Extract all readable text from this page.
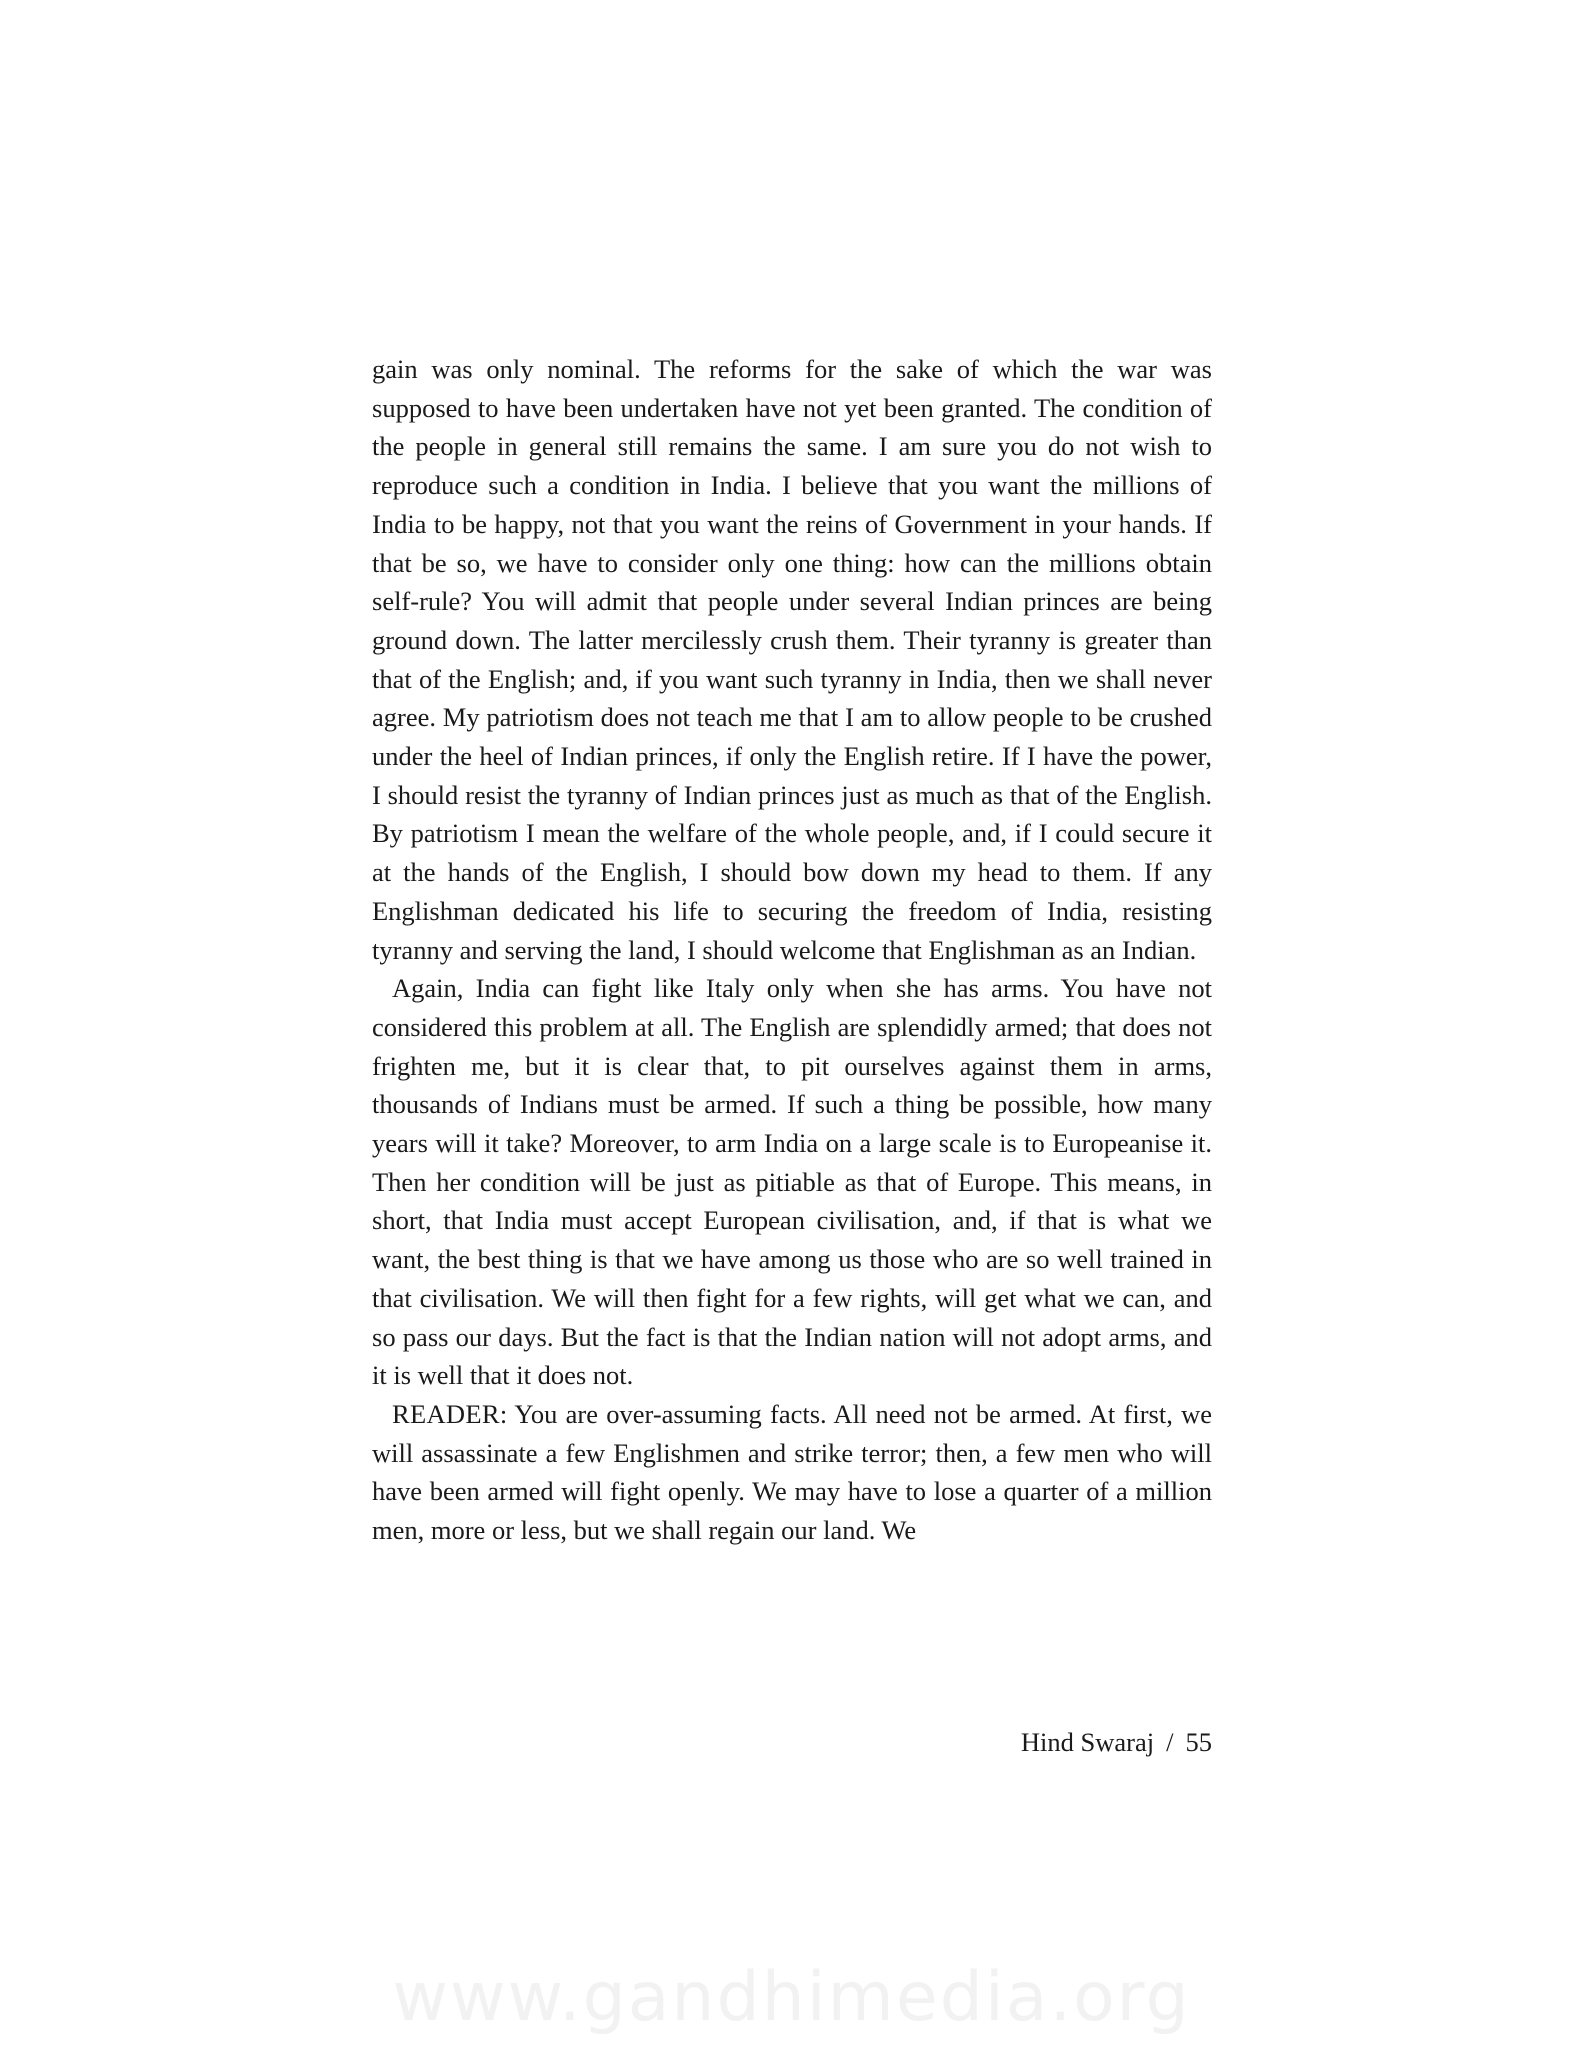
gain was only nominal. The reforms for the sake of which the war was supposed to have been undertaken have not yet been granted. The condition of the people in general still remains the same. I am sure you do not wish to reproduce such a condition in India. I believe that you want the millions of India to be happy, not that you want the reins of Government in your hands. If that be so, we have to consider only one thing: how can the millions obtain self-rule? You will admit that people under several Indian princes are being ground down. The latter mercilessly crush them. Their tyranny is greater than that of the English; and, if you want such tyranny in India, then we shall never agree. My patriotism does not teach me that I am to allow people to be crushed under the heel of Indian princes, if only the English retire. If I have the power, I should resist the tyranny of Indian princes just as much as that of the English. By patriotism I mean the welfare of the whole people, and, if I could secure it at the hands of the English, I should bow down my head to them. If any Englishman dedicated his life to securing the freedom of India, resisting tyranny and serving the land, I should welcome that Englishman as an Indian.

Again, India can fight like Italy only when she has arms. You have not considered this problem at all. The English are splendidly armed; that does not frighten me, but it is clear that, to pit ourselves against them in arms, thousands of Indians must be armed. If such a thing be possible, how many years will it take? Moreover, to arm India on a large scale is to Europeanise it. Then her condition will be just as pitiable as that of Europe. This means, in short, that India must accept European civilisation, and, if that is what we want, the best thing is that we have among us those who are so well trained in that civilisation. We will then fight for a few rights, will get what we can, and so pass our days. But the fact is that the Indian nation will not adopt arms, and it is well that it does not.

READER: You are over-assuming facts. All need not be armed. At first, we will assassinate a few Englishmen and strike terror; then, a few men who will have been armed will fight openly. We may have to lose a quarter of a million men, more or less, but we shall regain our land. We

Hind Swaraj / 55
www.gandhimedia.org
